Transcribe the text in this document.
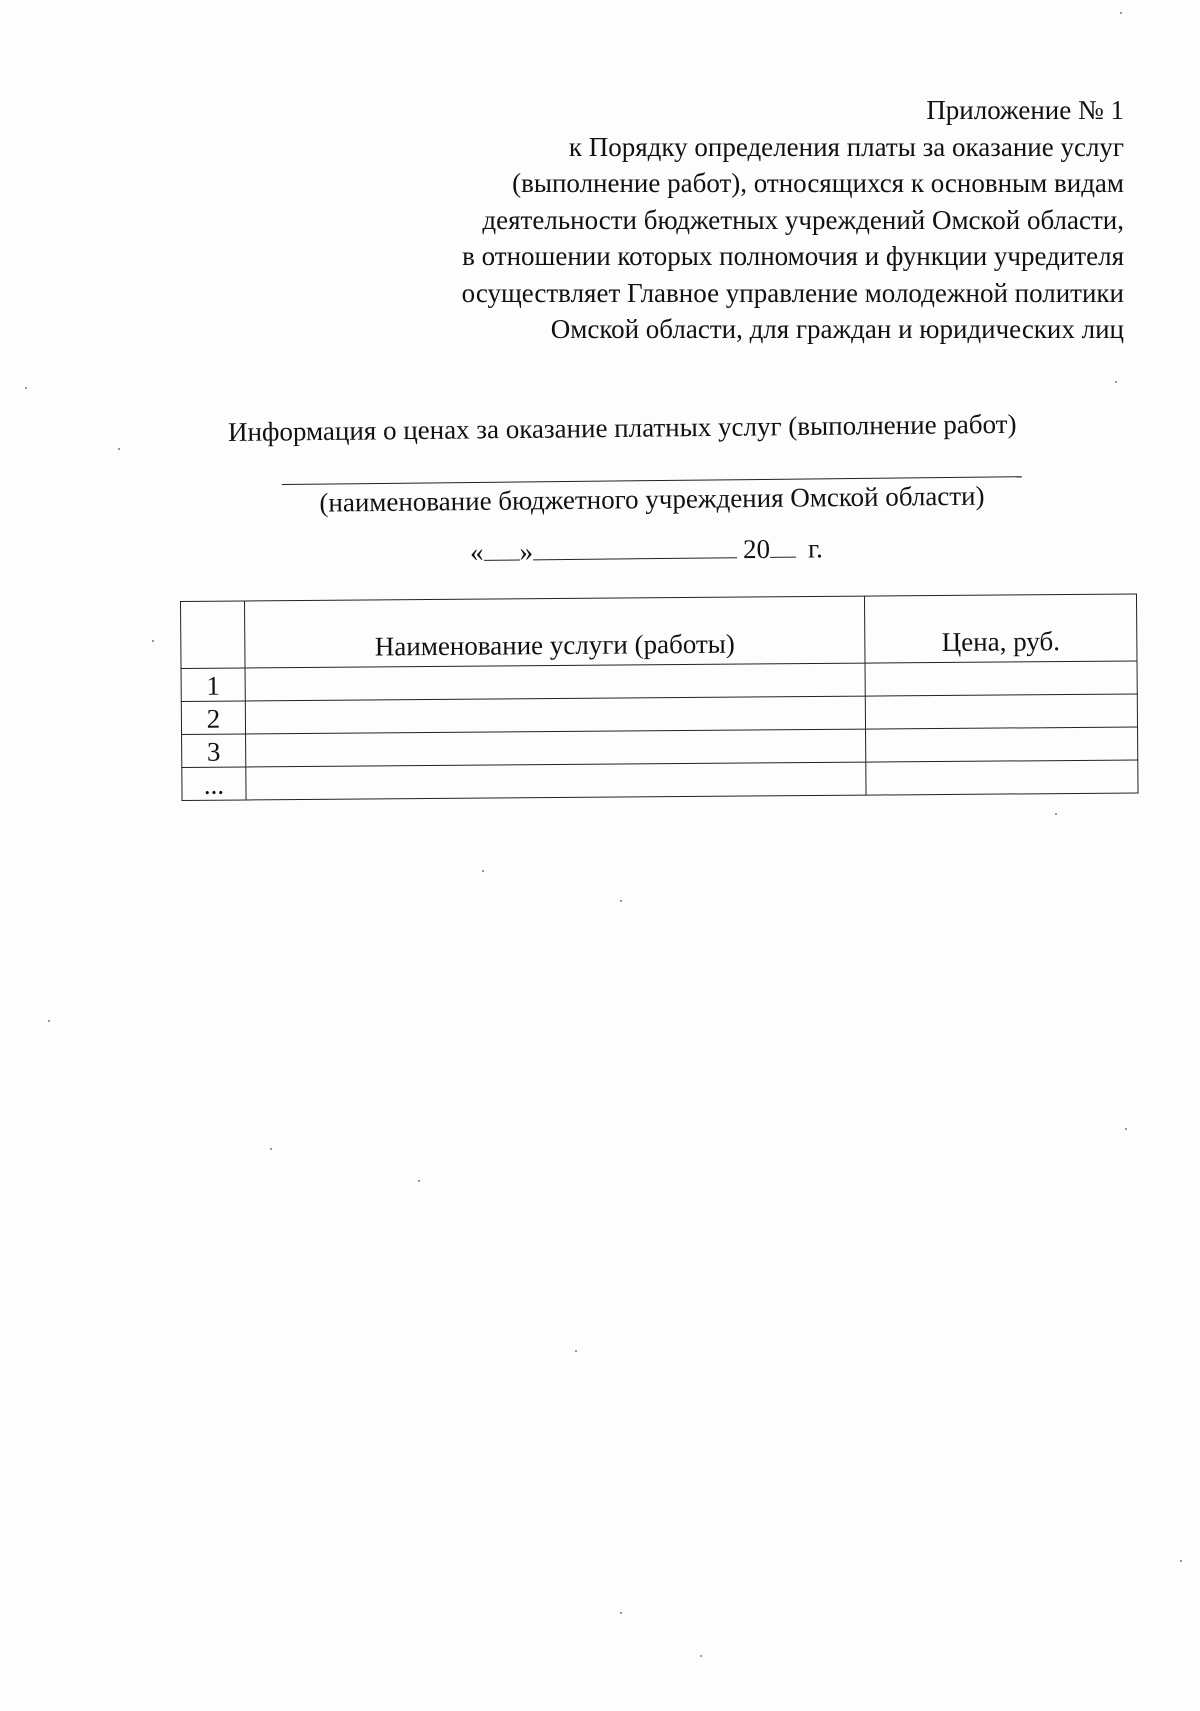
Приложение № 1
к Порядку определения платы за оказание услуг
(выполнение работ), относящихся к основным видам
деятельности бюджетных учреждений Омской области,
в отношении которых полномочия и функции учредителя
осуществляет Главное управление молодежной политики
Омской области, для граждан и юридических лиц
Информация о ценах за оказание платных услуг (выполнение работ)
(наименование бюджетного учреждения Омской области)
« »	20 г.
	Наименование услуги (работы)	Цена, руб.
1		
2		
3		
...		
